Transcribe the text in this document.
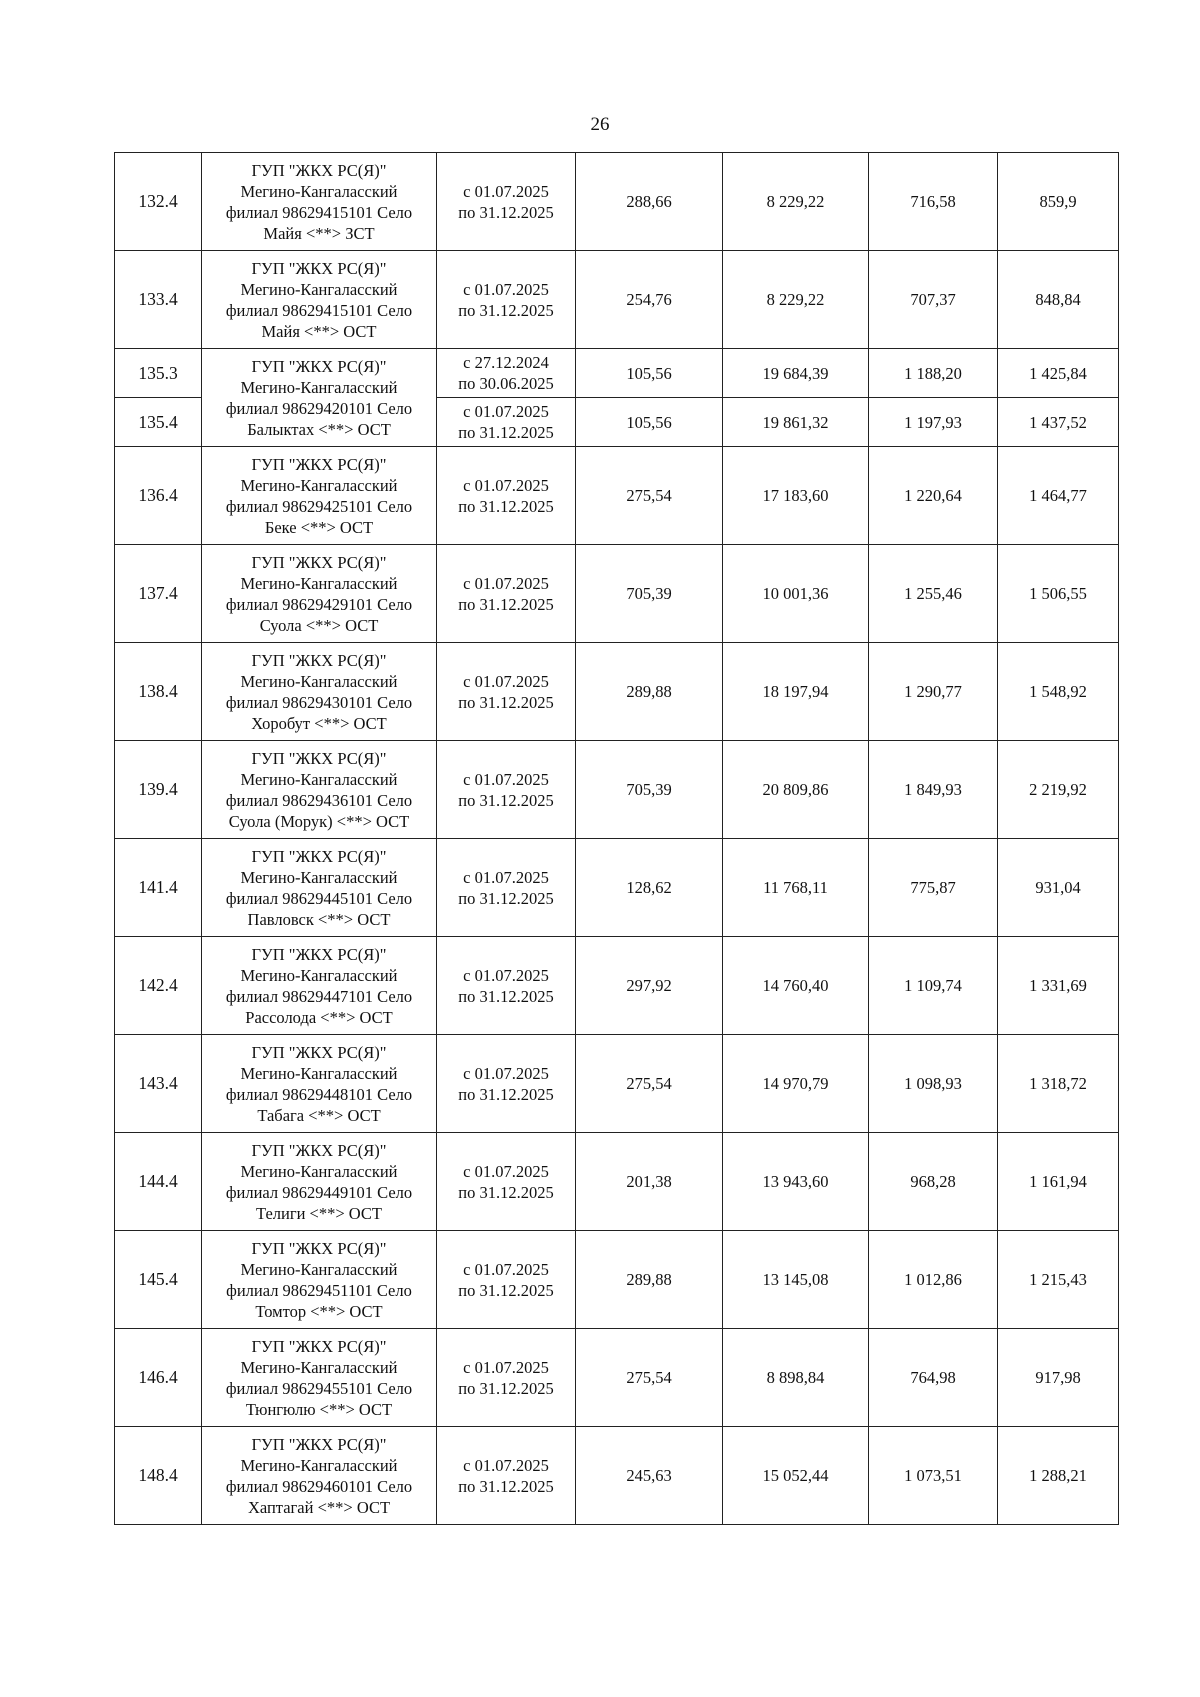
26
132.4	ГУП "ЖКХ РС(Я)"
Мегино-Кангаласский
филиал 98629415101 Село
Майя <**> ЗСТ	с 01.07.2025
по 31.12.2025	288,66	8 229,22	716,58	859,9
133.4	ГУП "ЖКХ РС(Я)"
Мегино-Кангаласский
филиал 98629415101 Село
Майя <**> ОСТ	с 01.07.2025
по 31.12.2025	254,76	8 229,22	707,37	848,84
135.3	ГУП "ЖКХ РС(Я)"
Мегино-Кангаласский
филиал 98629420101 Село
Балыктах <**> ОСТ	с 27.12.2024
по 30.06.2025	105,56	19 684,39	1 188,20	1 425,84
135.4		с 01.07.2025
по 31.12.2025	105,56	19 861,32	1 197,93	1 437,52
136.4	ГУП "ЖКХ РС(Я)"
Мегино-Кангаласский
филиал 98629425101 Село
Беке <**> ОСТ	с 01.07.2025
по 31.12.2025	275,54	17 183,60	1 220,64	1 464,77
137.4	ГУП "ЖКХ РС(Я)"
Мегино-Кангаласский
филиал 98629429101 Село
Суола <**> ОСТ	с 01.07.2025
по 31.12.2025	705,39	10 001,36	1 255,46	1 506,55
138.4	ГУП "ЖКХ РС(Я)"
Мегино-Кангаласский
филиал 98629430101 Село
Хоробут <**> ОСТ	с 01.07.2025
по 31.12.2025	289,88	18 197,94	1 290,77	1 548,92
139.4	ГУП "ЖКХ РС(Я)"
Мегино-Кангаласский
филиал 98629436101 Село
Суола (Морук) <**> ОСТ	с 01.07.2025
по 31.12.2025	705,39	20 809,86	1 849,93	2 219,92
141.4	ГУП "ЖКХ РС(Я)"
Мегино-Кангаласский
филиал 98629445101 Село
Павловск <**> ОСТ	с 01.07.2025
по 31.12.2025	128,62	11 768,11	775,87	931,04
142.4	ГУП "ЖКХ РС(Я)"
Мегино-Кангаласский
филиал 98629447101 Село
Рассолода <**> ОСТ	с 01.07.2025
по 31.12.2025	297,92	14 760,40	1 109,74	1 331,69
143.4	ГУП "ЖКХ РС(Я)"
Мегино-Кангаласский
филиал 98629448101 Село
Табага <**> ОСТ	с 01.07.2025
по 31.12.2025	275,54	14 970,79	1 098,93	1 318,72
144.4	ГУП "ЖКХ РС(Я)"
Мегино-Кангаласский
филиал 98629449101 Село
Телиги <**> ОСТ	с 01.07.2025
по 31.12.2025	201,38	13 943,60	968,28	1 161,94
145.4	ГУП "ЖКХ РС(Я)"
Мегино-Кангаласский
филиал 98629451101 Село
Томтор <**> ОСТ	с 01.07.2025
по 31.12.2025	289,88	13 145,08	1 012,86	1 215,43
146.4	ГУП "ЖКХ РС(Я)"
Мегино-Кангаласский
филиал 98629455101 Село
Тюнгюлю <**> ОСТ	с 01.07.2025
по 31.12.2025	275,54	8 898,84	764,98	917,98
148.4	ГУП "ЖКХ РС(Я)"
Мегино-Кангаласский
филиал 98629460101 Село
Хаптагай <**> ОСТ	с 01.07.2025
по 31.12.2025	245,63	15 052,44	1 073,51	1 288,21
